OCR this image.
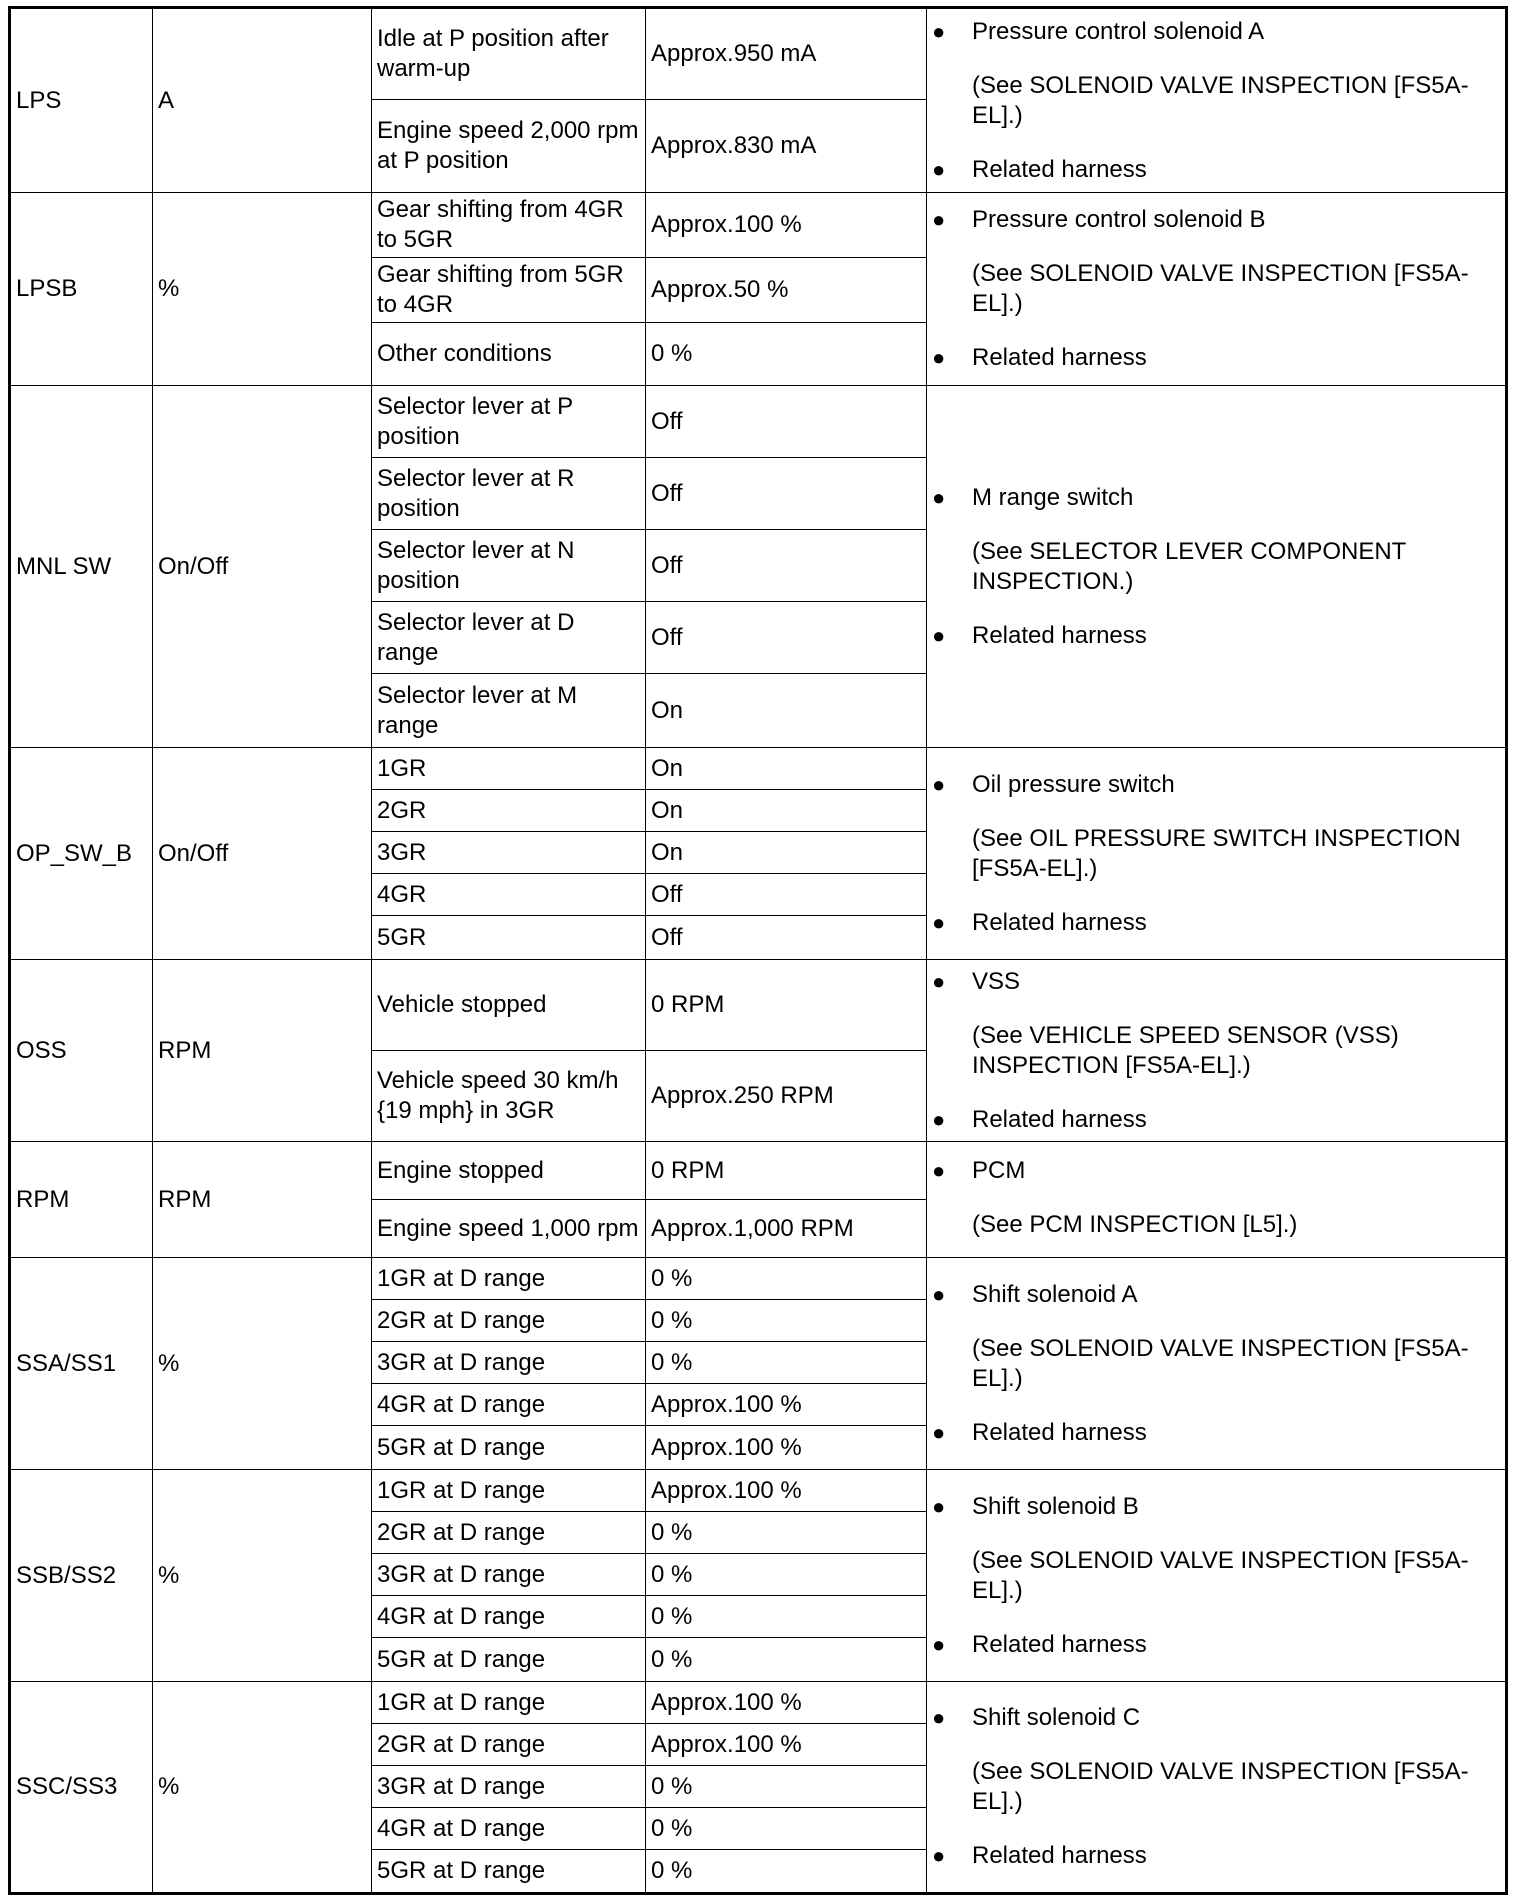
LPS	A	Idle at P position after warm-up	Approx.950 mA	● Pressure control solenoid A
(See SOLENOID VALVE INSPECTION [FS5A-EL].)
● Related harness

		Engine speed 2,000 rpm at P position	Approx.830 mA	
LPSB	%	Gear shifting from 4GR to 5GR	Approx.100 %	● Pressure control solenoid B
(See SOLENOID VALVE INSPECTION [FS5A-EL].)
● Related harness

		Gear shifting from 5GR to 4GR	Approx.50 %	
		Other conditions	0 %	
MNL SW	On/Off	Selector lever at P position	Off	● M range switch
(See SELECTOR LEVER COMPONENT INSPECTION.)
● Related harness

		Selector lever at R position	Off	
		Selector lever at N position	Off	
		Selector lever at D range	Off	
		Selector lever at M range	On	
OP_SW_B	On/Off	1GR	On	● Oil pressure switch
(See OIL PRESSURE SWITCH INSPECTION [FS5A-EL].)
● Related harness

		2GR	On	
		3GR	On	
		4GR	Off	
		5GR	Off	
OSS	RPM	Vehicle stopped	0 RPM	● VSS
(See VEHICLE SPEED SENSOR (VSS) INSPECTION [FS5A-EL].)
● Related harness

		Vehicle speed 30 km/h {19 mph} in 3GR	Approx.250 RPM	
RPM	RPM	Engine stopped	0 RPM	● PCM
(See PCM INSPECTION [L5].)

		Engine speed 1,000 rpm	Approx.1,000 RPM	
SSA/SS1	%	1GR at D range	0 %	● Shift solenoid A
(See SOLENOID VALVE INSPECTION [FS5A-EL].)
● Related harness

		2GR at D range	0 %	
		3GR at D range	0 %	
		4GR at D range	Approx.100 %	
		5GR at D range	Approx.100 %	
SSB/SS2	%	1GR at D range	Approx.100 %	● Shift solenoid B
(See SOLENOID VALVE INSPECTION [FS5A-EL].)
● Related harness

		2GR at D range	0 %	
		3GR at D range	0 %	
		4GR at D range	0 %	
		5GR at D range	0 %	
SSC/SS3	%	1GR at D range	Approx.100 %	● Shift solenoid C
(See SOLENOID VALVE INSPECTION [FS5A-EL].)
● Related harness

		2GR at D range	Approx.100 %	
		3GR at D range	0 %	
		4GR at D range	0 %	
		5GR at D range	0 %	
